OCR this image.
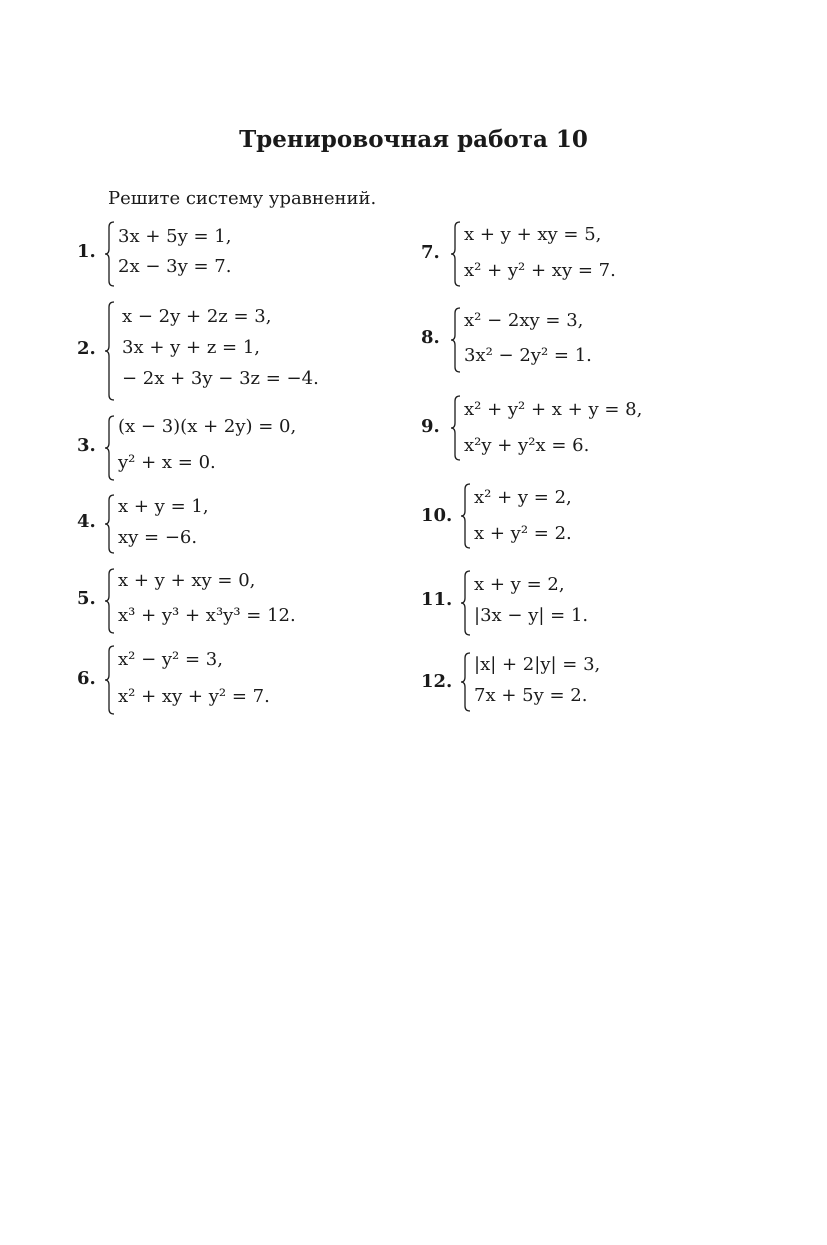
Тренировочная работа 10
Решите систему уравнений.
1.
3x + 5y = 1,
2x − 3y = 7.
2.
x − 2y + 2z = 3,
3x + y + z = 1,
− 2x + 3y − 3z = −4.
3.
(x − 3)(x + 2y) = 0,
y² + x = 0.
4.
x + y = 1,
xy = −6.
5.
x + y + xy = 0,
x³ + y³ + x³y³ = 12.
6.
x² − y² = 3,
x² + xy + y² = 7.
7.
x + y + xy = 5,
x² + y² + xy = 7.
8.
x² − 2xy = 3,
3x² − 2y² = 1.
9.
x² + y² + x + y = 8,
x²y + y²x = 6.
10.
x² + y = 2,
x + y² = 2.
11.
x + y = 2,
|3x − y| = 1.
12.
|x| + 2|y| = 3,
7x + 5y = 2.
